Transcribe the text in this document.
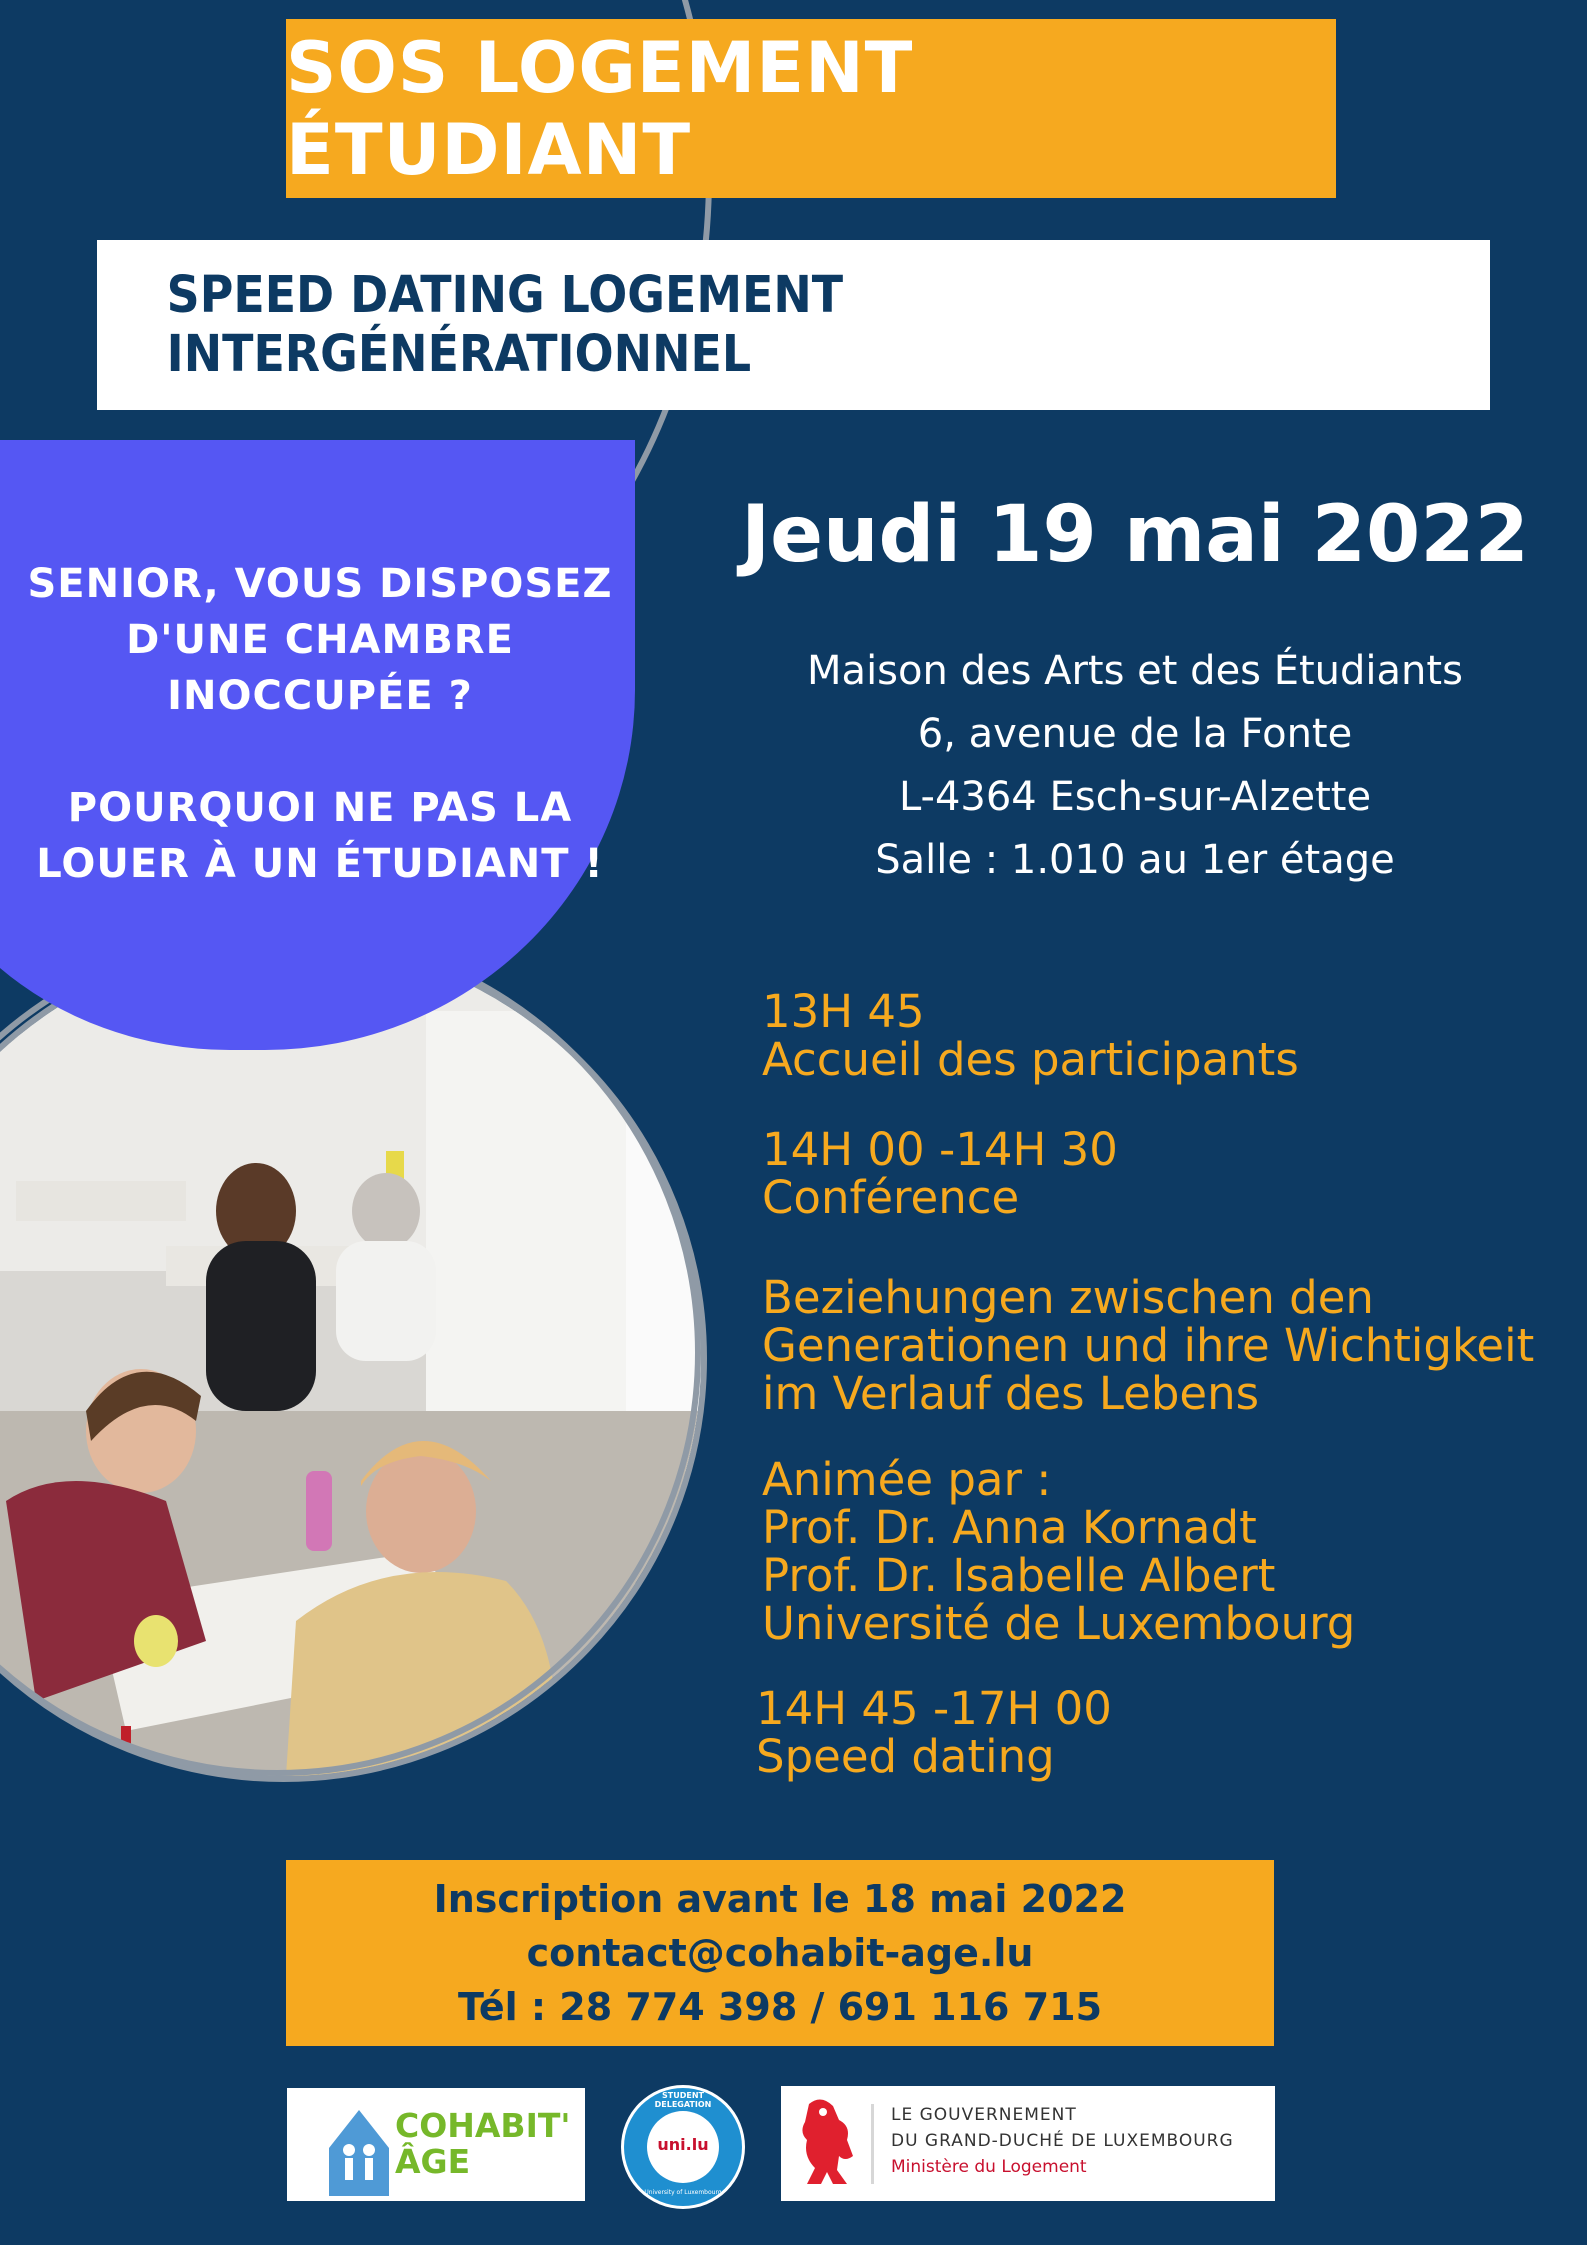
SOS LOGEMENT ÉTUDIANT
SPEED DATING LOGEMENT INTERGÉNÉRATIONNEL

SENIOR, VOUS DISPOSEZ

D'UNE CHAMBRE

INOCCUPÉE ?

POURQUOI NE PAS LA

LOUER À UN ÉTUDIANT !

Jeudi 19 mai 2022
Maison des Arts et des Étudiants
6, avenue de la Fonte
L-4364 Esch-sur-Alzette
Salle : 1.010 au 1er étage
13H 45
Accueil des participants
14H 00 -14H 30
Conférence
Beziehungen zwischen den
Generationen und ihre Wichtigkeit
im Verlauf des Lebens
Animée par :
Prof. Dr. Anna Kornadt
Prof. Dr. Isabelle Albert
Université de Luxembourg
14H 45 -17H 00
Speed dating
Inscription avant le 18 mai 2022
contact@cohabit-age.lu
Tél : 28 774 398 / 691 116 715
COHABIT'
ÂGE
STUDENT DELEGATION
uni.lu
University of Luxembourg
LE GOUVERNEMENT
DU GRAND-DUCHÉ DE LUXEMBOURG
Ministère du Logement
